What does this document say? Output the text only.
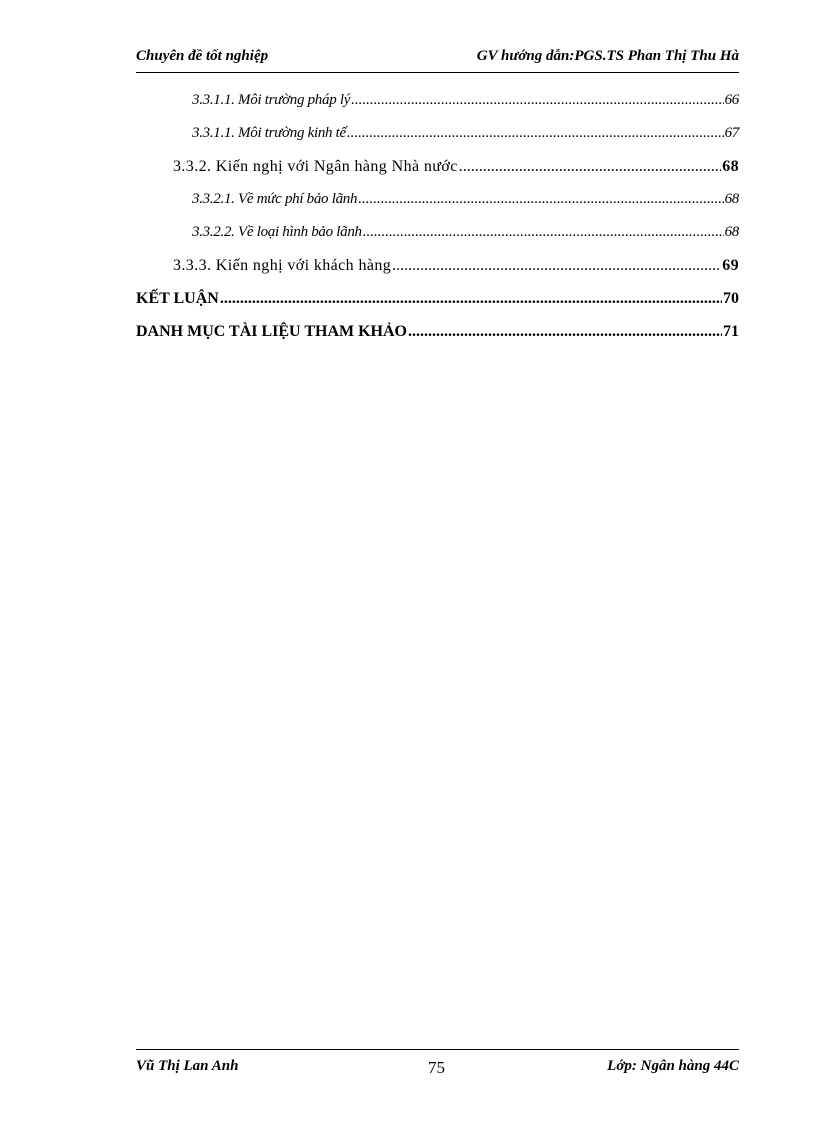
Chuyên đề tốt nghiệp	GV hướng dẫn:PGS.TS Phan Thị Thu Hà
3.3.1.1. Môi trường pháp lý .....	66
3.3.1.1. Môi trường kinh tế .....	67
3.3.2. Kiến nghị với Ngân hàng Nhà nước .....	68
3.3.2.1. Về mức phí bảo lãnh .....	68
3.3.2.2. Về loại hình bảo lãnh .....	68
3.3.3. Kiến nghị với khách hàng .....	69
KẾT LUẬN .....	70
DANH MỤC TÀI LIỆU THAM KHẢO .....	71
Vũ Thị Lan Anh	75	Lớp: Ngân hàng 44C
